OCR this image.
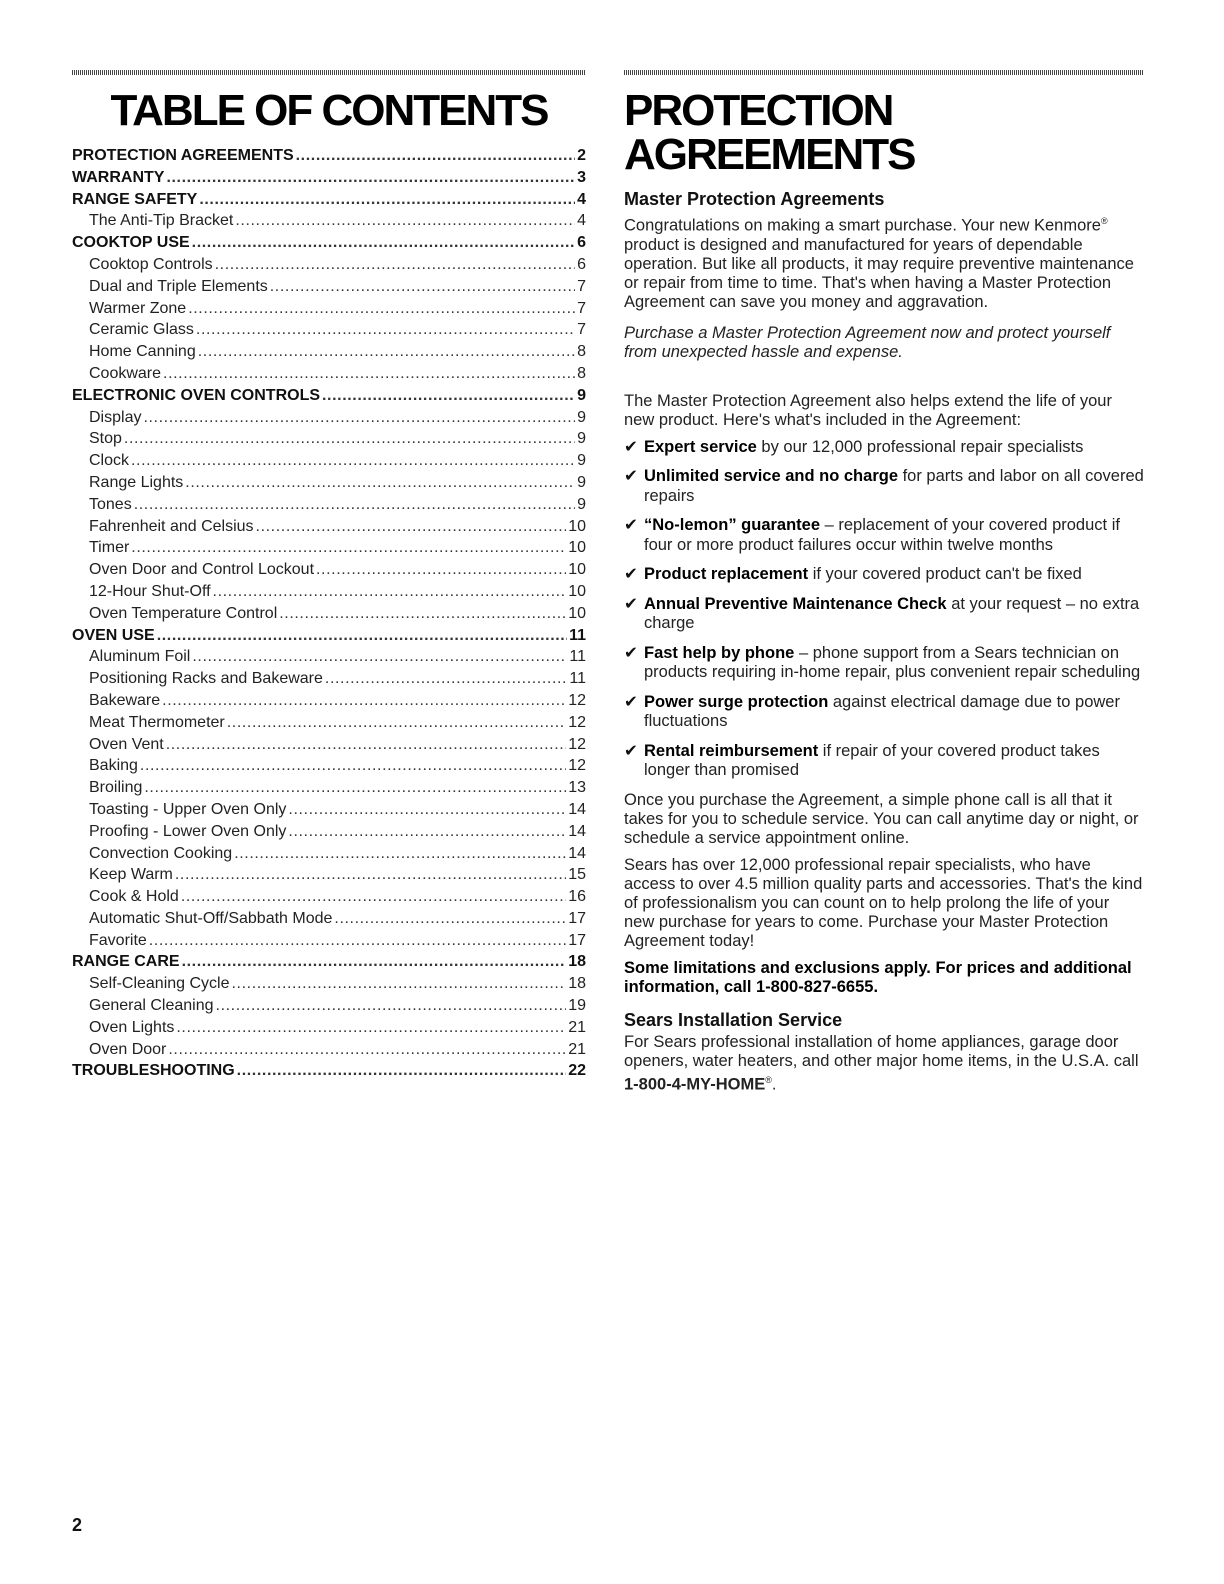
TABLE OF CONTENTS
PROTECTION AGREEMENTS .....	2
WARRANTY .....	3
RANGE SAFETY .....	4
The Anti-Tip Bracket .....	4
COOKTOP USE .....	6
Cooktop Controls .....	6
Dual and Triple Elements .....	7
Warmer Zone .....	7
Ceramic Glass .....	7
Home Canning .....	8
Cookware .....	8
ELECTRONIC OVEN CONTROLS .....	9
Display .....	9
Stop .....	9
Clock .....	9
Range Lights .....	9
Tones .....	9
Fahrenheit and Celsius .....	10
Timer .....	10
Oven Door and Control Lockout .....	10
12-Hour Shut-Off .....	10
Oven Temperature Control .....	10
OVEN USE .....	11
Aluminum Foil .....	11
Positioning Racks and Bakeware .....	11
Bakeware .....	12
Meat Thermometer .....	12
Oven Vent .....	12
Baking .....	12
Broiling .....	13
Toasting - Upper Oven Only .....	14
Proofing - Lower Oven Only .....	14
Convection Cooking .....	14
Keep Warm .....	15
Cook & Hold .....	16
Automatic Shut-Off/Sabbath Mode .....	17
Favorite .....	17
RANGE CARE .....	18
Self-Cleaning Cycle .....	18
General Cleaning .....	19
Oven Lights .....	21
Oven Door .....	21
TROUBLESHOOTING .....	22
PROTECTION AGREEMENTS
Master Protection Agreements

Congratulations on making a smart purchase. Your new Kenmore® product is designed and manufactured for years of dependable operation. But like all products, it may require preventive maintenance or repair from time to time. That's when having a Master Protection Agreement can save you money and aggravation.

Purchase a Master Protection Agreement now and protect yourself from unexpected hassle and expense.

The Master Protection Agreement also helps extend the life of your new product. Here's what's included in the Agreement:

✔ Expert service by our 12,000 professional repair specialists
✔ Unlimited service and no charge for parts and labor on all covered repairs
✔ “No-lemon” guarantee – replacement of your covered product if four or more product failures occur within twelve months
✔ Product replacement if your covered product can't be fixed
✔ Annual Preventive Maintenance Check at your request – no extra charge
✔ Fast help by phone – phone support from a Sears technician on products requiring in-home repair, plus convenient repair scheduling
✔ Power surge protection against electrical damage due to power fluctuations
✔ Rental reimbursement if repair of your covered product takes longer than promised

Once you purchase the Agreement, a simple phone call is all that it takes for you to schedule service. You can call anytime day or night, or schedule a service appointment online.

Sears has over 12,000 professional repair specialists, who have access to over 4.5 million quality parts and accessories. That's the kind of professionalism you can count on to help prolong the life of your new purchase for years to come. Purchase your Master Protection Agreement today!

Some limitations and exclusions apply. For prices and additional information, call 1-800-827-6655.

Sears Installation Service

For Sears professional installation of home appliances, garage door openers, water heaters, and other major home items, in the U.S.A. call 1-800-4-MY-HOME®.

2
